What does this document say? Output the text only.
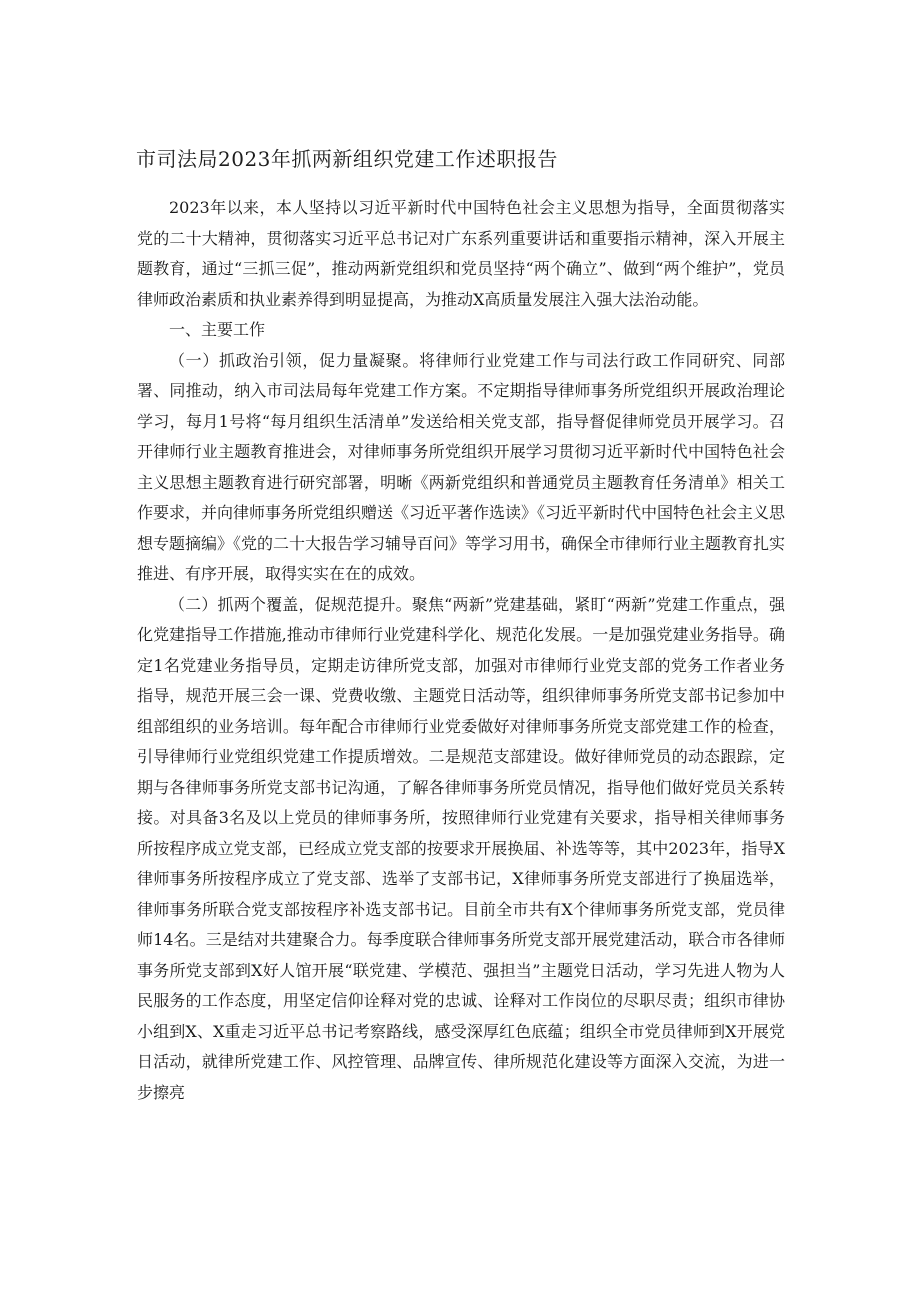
市司法局2023年抓两新组织党建工作述职报告

2023年以来，本人坚持以习近平新时代中国特色社会主义思想为指导，全面贯彻落实党的二十大精神，贯彻落实习近平总书记对广东系列重要讲话和重要指示精神，深入开展主题教育，通过“三抓三促”，推动两新党组织和党员坚持“两个确立”、做到“两个维护”，党员律师政治素质和执业素养得到明显提高，为推动X高质量发展注入强大法治动能。

一、主要工作

（一）抓政治引领，促力量凝聚。将律师行业党建工作与司法行政工作同研究、同部署、同推动，纳入市司法局每年党建工作方案。不定期指导律师事务所党组织开展政治理论学习，每月1号将“每月组织生活清单”发送给相关党支部，指导督促律师党员开展学习。召开律师行业主题教育推进会，对律师事务所党组织开展学习贯彻习近平新时代中国特色社会主义思想主题教育进行研究部署，明晰《两新党组织和普通党员主题教育任务清单》相关工作要求，并向律师事务所党组织赠送《习近平著作选读》《习近平新时代中国特色社会主义思想专题摘编》《党的二十大报告学习辅导百问》等学习用书，确保全市律师行业主题教育扎实推进、有序开展，取得实实在在的成效。

（二）抓两个覆盖，促规范提升。聚焦“两新”党建基础，紧盯“两新”党建工作重点，强化党建指导工作措施,推动市律师行业党建科学化、规范化发展。一是加强党建业务指导。确定1名党建业务指导员，定期走访律所党支部，加强对市律师行业党支部的党务工作者业务指导，规范开展三会一课、党费收缴、主题党日活动等，组织律师事务所党支部书记参加中组部组织的业务培训。每年配合市律师行业党委做好对律师事务所党支部党建工作的检查，引导律师行业党组织党建工作提质增效。二是规范支部建设。做好律师党员的动态跟踪，定期与各律师事务所党支部书记沟通，了解各律师事务所党员情况，指导他们做好党员关系转接。对具备3名及以上党员的律师事务所，按照律师行业党建有关要求，指导相关律师事务所按程序成立党支部，已经成立党支部的按要求开展换届、补选等等，其中2023年，指导X律师事务所按程序成立了党支部、选举了支部书记，X律师事务所党支部进行了换届选举，律师事务所联合党支部按程序补选支部书记。目前全市共有X个律师事务所党支部，党员律师14名。三是结对共建聚合力。每季度联合律师事务所党支部开展党建活动，联合市各律师事务所党支部到X好人馆开展“联党建、学模范、强担当”主题党日活动，学习先进人物为人民服务的工作态度，用坚定信仰诠释对党的忠诚、诠释对工作岗位的尽职尽责；组织市律协小组到X、X重走习近平总书记考察路线，感受深厚红色底蕴；组织全市党员律师到X开展党日活动，就律所党建工作、风控管理、品牌宣传、律所规范化建设等方面深入交流，为进一步擦亮
